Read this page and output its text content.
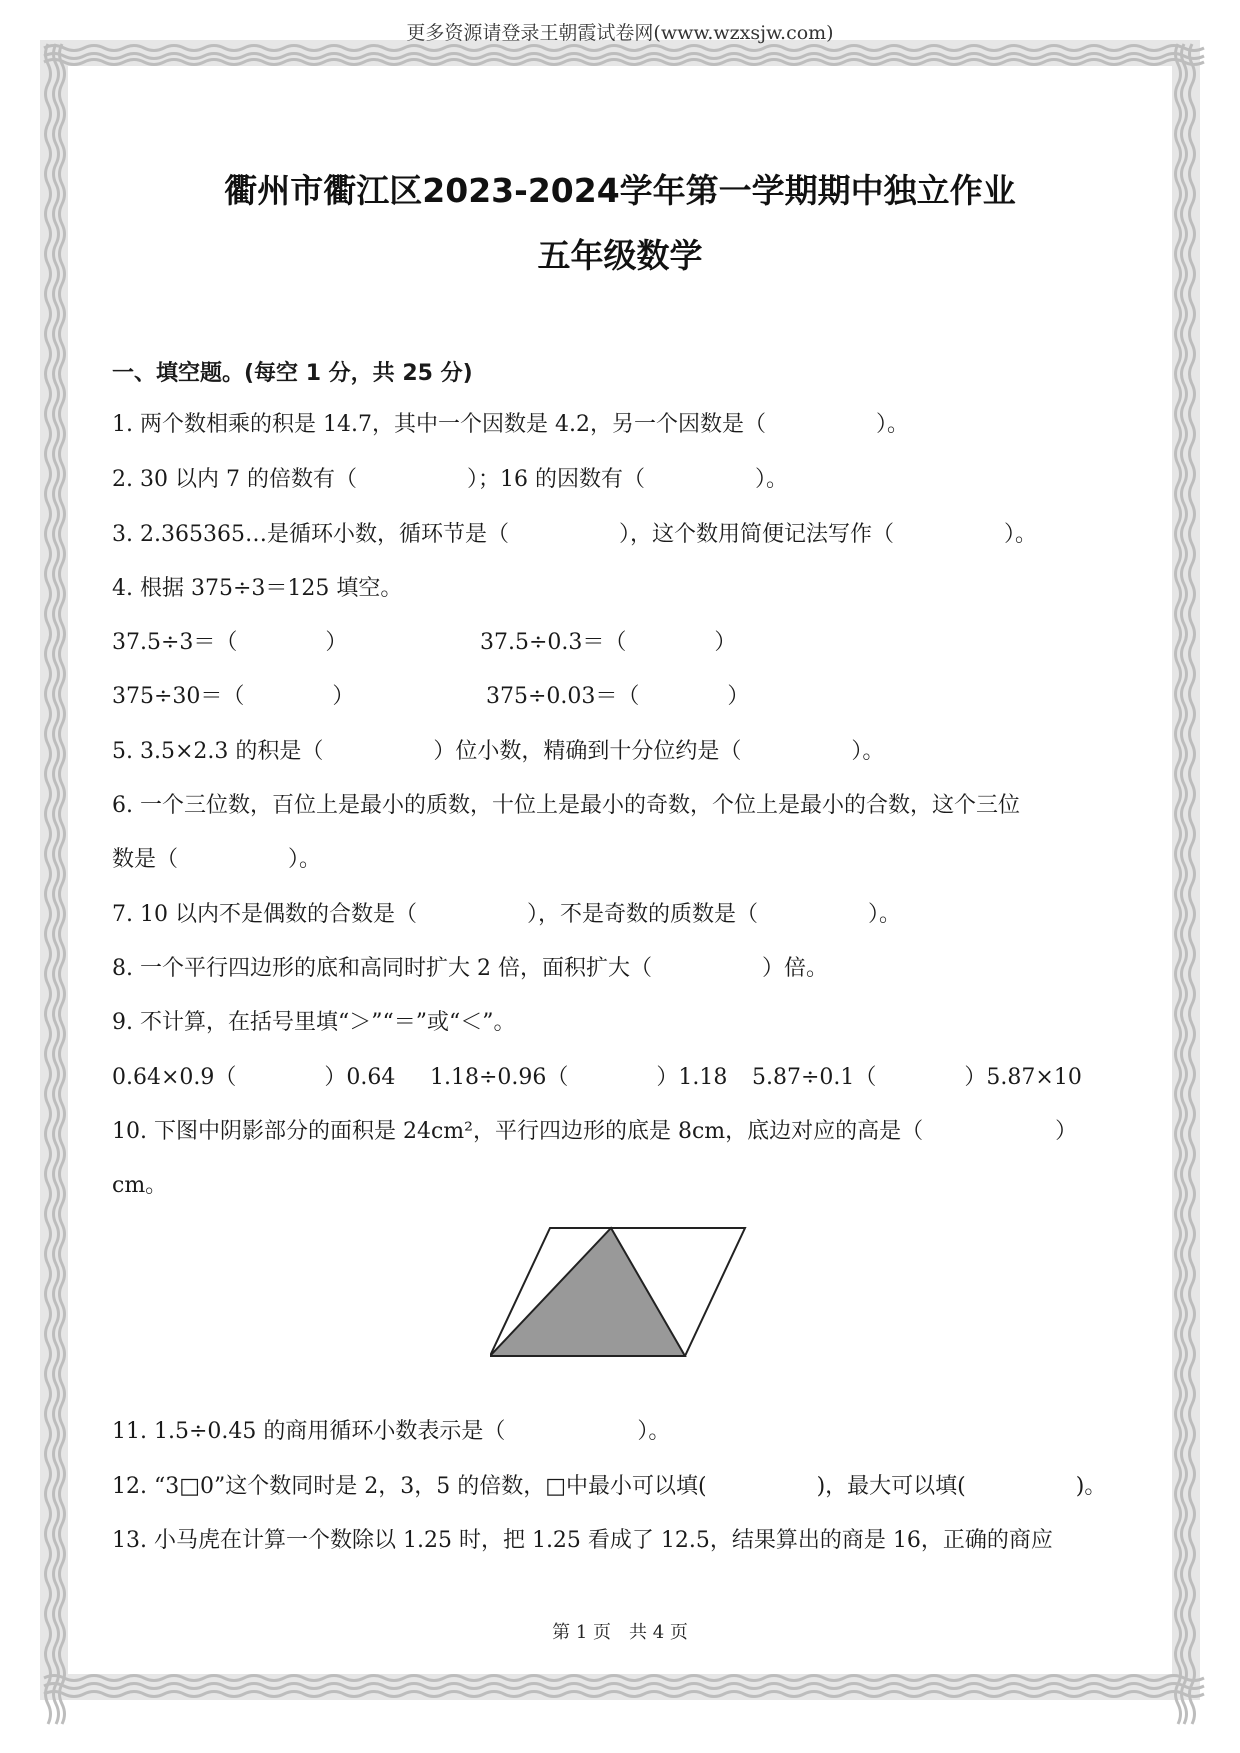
更多资源请登录王朝霞试卷网(www.wzxsjw.com)
衢州市衢江区2023-2024学年第一学期期中独立作业
五年级数学
一、填空题。(每空 1 分，共 25 分)
1. 两个数相乘的积是 14.7，其中一个因数是 4.2，另一个因数是（　　　　　）。
2. 30 以内 7 的倍数有（　　　　　）；16 的因数有（　　　　　）。
3. 2.365365…是循环小数，循环节是（　　　　　），这个数用简便记法写作（　　　　　）。
4. 根据 375÷3＝125 填空。
37.5÷3＝（　　　　）	37.5÷0.3＝（　　　　）
375÷30＝（　　　　）	375÷0.03＝（　　　　）
5. 3.5×2.3 的积是（　　　　　）位小数，精确到十分位约是（　　　　　）。
6. 一个三位数，百位上是最小的质数，十位上是最小的奇数，个位上是最小的合数，这个三位
数是（　　　　　）。
7. 10 以内不是偶数的合数是（　　　　　），不是奇数的质数是（　　　　　）。
8. 一个平行四边形的底和高同时扩大 2 倍，面积扩大（　　　　　）倍。
9. 不计算，在括号里填“＞”“＝”或“＜”。
0.64×0.9（　　　　）0.64 1.18÷0.96（　　　　）1.18 5.87÷0.1（　　　　）5.87×10
10. 下图中阴影部分的面积是 24cm²，平行四边形的底是 8cm，底边对应的高是（　　　　　　）
cm。
11. 1.5÷0.45 的商用循环小数表示是（　　　　　　）。
12. “3□0”这个数同时是 2，3，5 的倍数，□中最小可以填(　　　　　)，最大可以填(　　　　　)。
13. 小马虎在计算一个数除以 1.25 时，把 1.25 看成了 12.5，结果算出的商是 16，正确的商应
第 1 页　共 4 页
